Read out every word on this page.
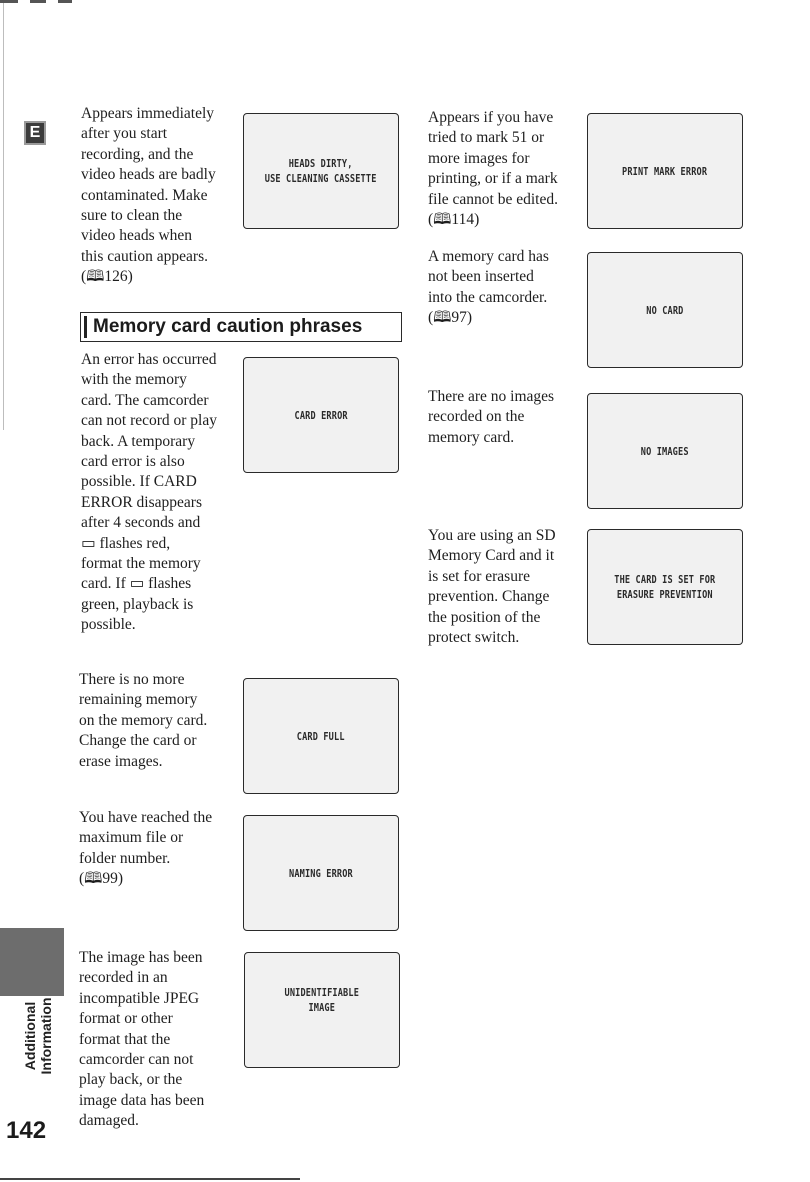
E
Appears immediately
after you start
recording, and the
video heads are badly
contaminated. Make
sure to clean the
video heads when
this caution appears.
(🕮126)
HEADS DIRTY,
USE CLEANING CASSETTE
Memory card caution phrases
An error has occurred
with the memory
card. The camcorder
can not record or play
back. A temporary
card error is also
possible. If CARD
ERROR disappears
after 4 seconds and
▭ flashes red,
format the memory
card. If ▭ flashes
green, playback is
possible.
CARD ERROR
There is no more
remaining memory
on the memory card.
Change the card or
erase images.
CARD FULL
You have reached the
maximum file or
folder number.
(🕮99)	NAMING ERROR
The image has been
recorded in an
incompatible JPEG
format or other
format that the
camcorder can not
play back, or the
image data has been
damaged.
UNIDENTIFIABLE
IMAGE
Appears if you have
tried to mark 51 or
more images for
printing, or if a mark
file cannot be edited.
(🕮114)
PRINT MARK ERROR
A memory card has
not been inserted
into the camcorder.
(🕮97)	NO CARD
There are no images
recorded on the
memory card.
NO IMAGES
You are using an SD
Memory Card and it
is set for erasure
prevention. Change
the position of the
protect switch.
THE CARD IS SET FOR
ERASURE PREVENTION
Additional Information
142
